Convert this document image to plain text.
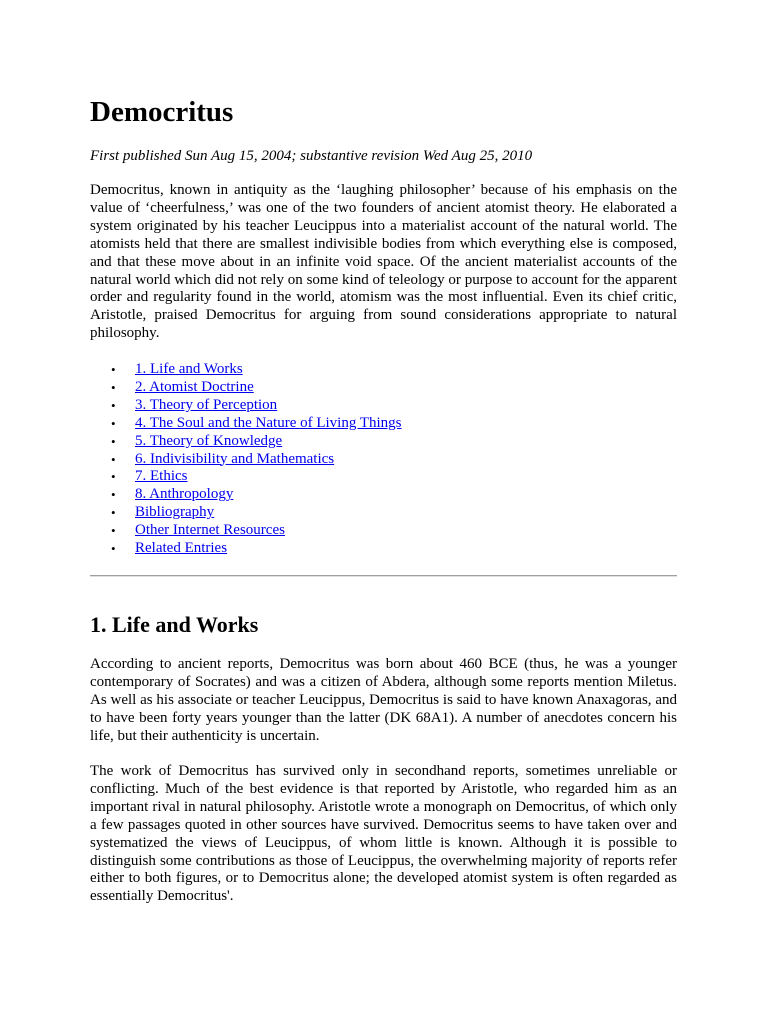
Democritus

First published Sun Aug 15, 2004; substantive revision Wed Aug 25, 2010

Democritus, known in antiquity as the ‘laughing philosopher’ because of his emphasis on the value of ‘cheerfulness,’ was one of the two founders of ancient atomist theory. He elaborated a system originated by his teacher Leucippus into a materialist account of the natural world. The atomists held that there are smallest indivisible bodies from which everything else is composed, and that these move about in an infinite void space. Of the ancient materialist accounts of the natural world which did not rely on some kind of teleology or purpose to account for the apparent order and regularity found in the world, atomism was the most influential. Even its chief critic, Aristotle, praised Democritus for arguing from sound considerations appropriate to natural philosophy.

• 1. Life and Works
• 2. Atomist Doctrine
• 3. Theory of Perception
• 4. The Soul and the Nature of Living Things
• 5. Theory of Knowledge
• 6. Indivisibility and Mathematics
• 7. Ethics
• 8. Anthropology
• Bibliography
• Other Internet Resources
• Related Entries
1. Life and Works

According to ancient reports, Democritus was born about 460 BCE (thus, he was a younger contemporary of Socrates) and was a citizen of Abdera, although some reports mention Miletus. As well as his associate or teacher Leucippus, Democritus is said to have known Anaxagoras, and to have been forty years younger than the latter (DK 68A1). A number of anecdotes concern his life, but their authenticity is uncertain.

The work of Democritus has survived only in secondhand reports, sometimes unreliable or conflicting. Much of the best evidence is that reported by Aristotle, who regarded him as an important rival in natural philosophy. Aristotle wrote a monograph on Democritus, of which only a few passages quoted in other sources have survived. Democritus seems to have taken over and systematized the views of Leucippus, of whom little is known. Although it is possible to distinguish some contributions as those of Leucippus, the overwhelming majority of reports refer either to both figures, or to Democritus alone; the developed atomist system is often regarded as essentially Democritus'.
